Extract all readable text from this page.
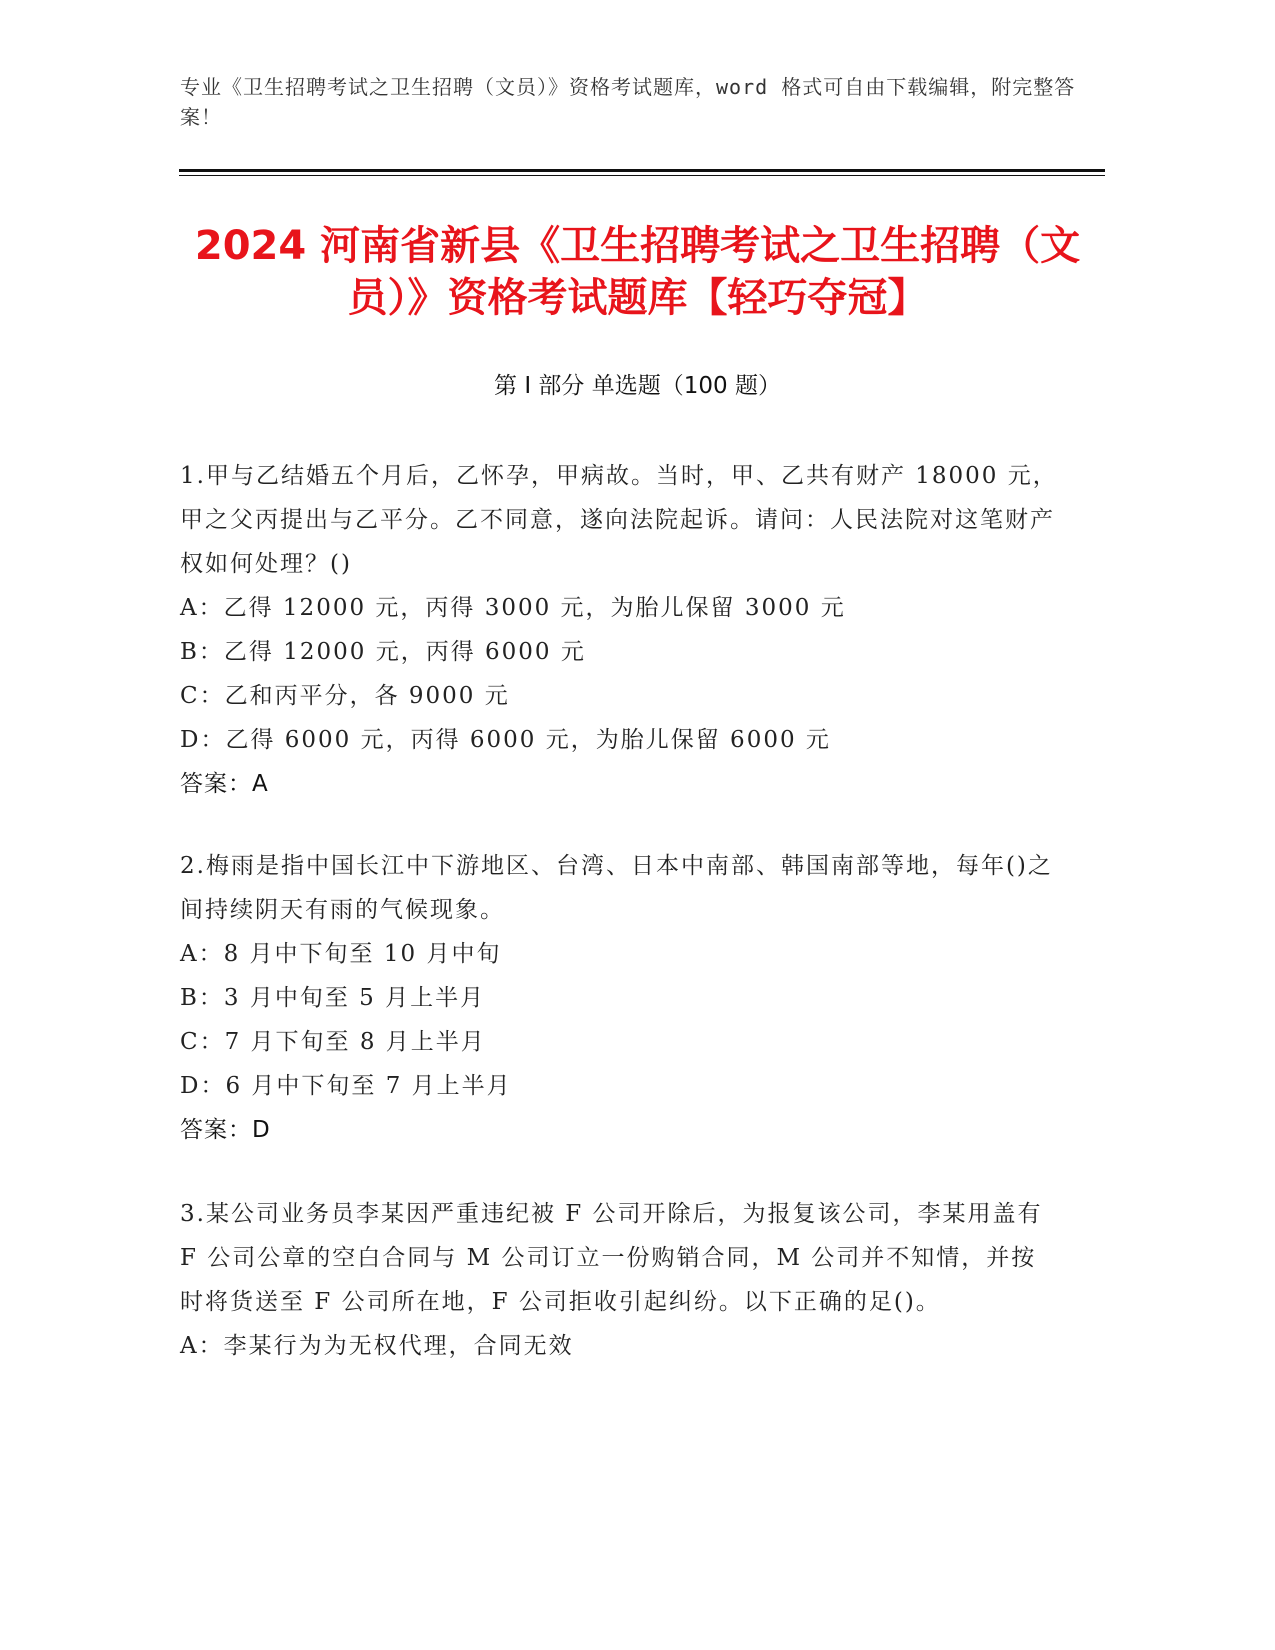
专业《卫生招聘考试之卫生招聘（文员）》资格考试题库，word 格式可自由下载编辑，附完整答案！
2024 河南省新县《卫生招聘考试之卫生招聘（文员）》资格考试题库【轻巧夺冠】
第 I 部分 单选题（100 题）
1.甲与乙结婚五个月后，乙怀孕，甲病故。当时，甲、乙共有财产 18000 元，甲之父丙提出与乙平分。乙不同意，遂向法院起诉。请问：人民法院对这笔财产权如何处理？()
A：乙得 12000 元，丙得 3000 元，为胎儿保留 3000 元
B：乙得 12000 元，丙得 6000 元
C：乙和丙平分，各 9000 元
D：乙得 6000 元，丙得 6000 元，为胎儿保留 6000 元
答案：A
2.梅雨是指中国长江中下游地区、台湾、日本中南部、韩国南部等地，每年()之间持续阴天有雨的气候现象。
A：8 月中下旬至 10 月中旬
B：3 月中旬至 5 月上半月
C：7 月下旬至 8 月上半月
D：6 月中下旬至 7 月上半月
答案：D
3.某公司业务员李某因严重违纪被 F 公司开除后，为报复该公司，李某用盖有 F 公司公章的空白合同与 M 公司订立一份购销合同，M 公司并不知情，并按时将货送至 F 公司所在地，F 公司拒收引起纠纷。以下正确的足()。
A：李某行为为无权代理，合同无效
